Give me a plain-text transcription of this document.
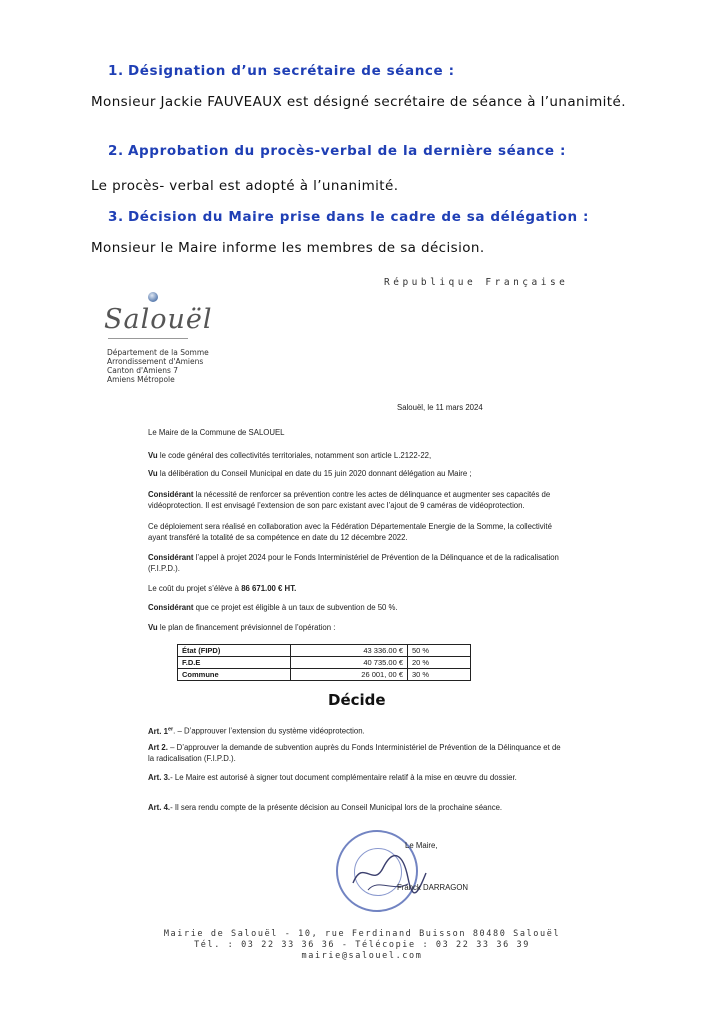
1. Désignation d’un secrétaire de séance :
Monsieur Jackie FAUVEAUX est désigné secrétaire de séance à l’unanimité.
2. Approbation du procès-verbal de la dernière séance :
Le procès- verbal est adopté à l’unanimité.
3. Décision du Maire prise dans le cadre de sa délégation :
Monsieur le Maire informe les membres de sa décision.
République Française
Salouël
Département de la Somme
Arrondissement d'Amiens
Canton d'Amiens 7
Amiens Métropole
Salouël, le 11 mars 2024
Le Maire de la Commune de SALOUEL
Vu le code général des collectivités territoriales, notamment son article L.2122-22,
Vu la délibération du Conseil Municipal en date du 15 juin 2020 donnant délégation au Maire ;
Considérant la nécessité de renforcer sa prévention contre les actes de délinquance et augmenter ses capacités de vidéoprotection. Il est envisagé l’extension de son parc existant avec l’ajout de 9 caméras de vidéoprotection.
Ce déploiement sera réalisé en collaboration avec la Fédération Départementale Energie de la Somme, la collectivité ayant transféré la totalité de sa compétence en date du 12 décembre 2022.
Considérant l’appel à projet 2024 pour le Fonds Interministériel de Prévention de la Délinquance et de la radicalisation (F.I.P.D.).
Le coût du projet s’élève à 86 671.00 € HT.
Considérant que ce projet est éligible à un taux de subvention de 50 %.
Vu le plan de financement prévisionnel de l’opération :
État (FIPD)	43 336.00 €	50 %
F.D.E	40 735.00 €	20 %
Commune	26 001, 00 €	30 %
Décide
Art. 1er. – D’approuver l’extension du système vidéoprotection.
Art 2. – D’approuver la demande de subvention auprès du Fonds Interministériel de Prévention de la Délinquance et de la radicalisation (F.I.P.D.).
Art. 3.- Le Maire est autorisé à signer tout document complémentaire relatif à la mise en œuvre du dossier.
Art. 4.- Il sera rendu compte de la présente décision au Conseil Municipal lors de la prochaine séance.
Le Maire,
Franck DARRAGON
Mairie de Salouël - 10, rue Ferdinand Buisson 80480 Salouël
Tél. : 03 22 33 36 36 - Télécopie : 03 22 33 36 39
mairie@salouel.com
